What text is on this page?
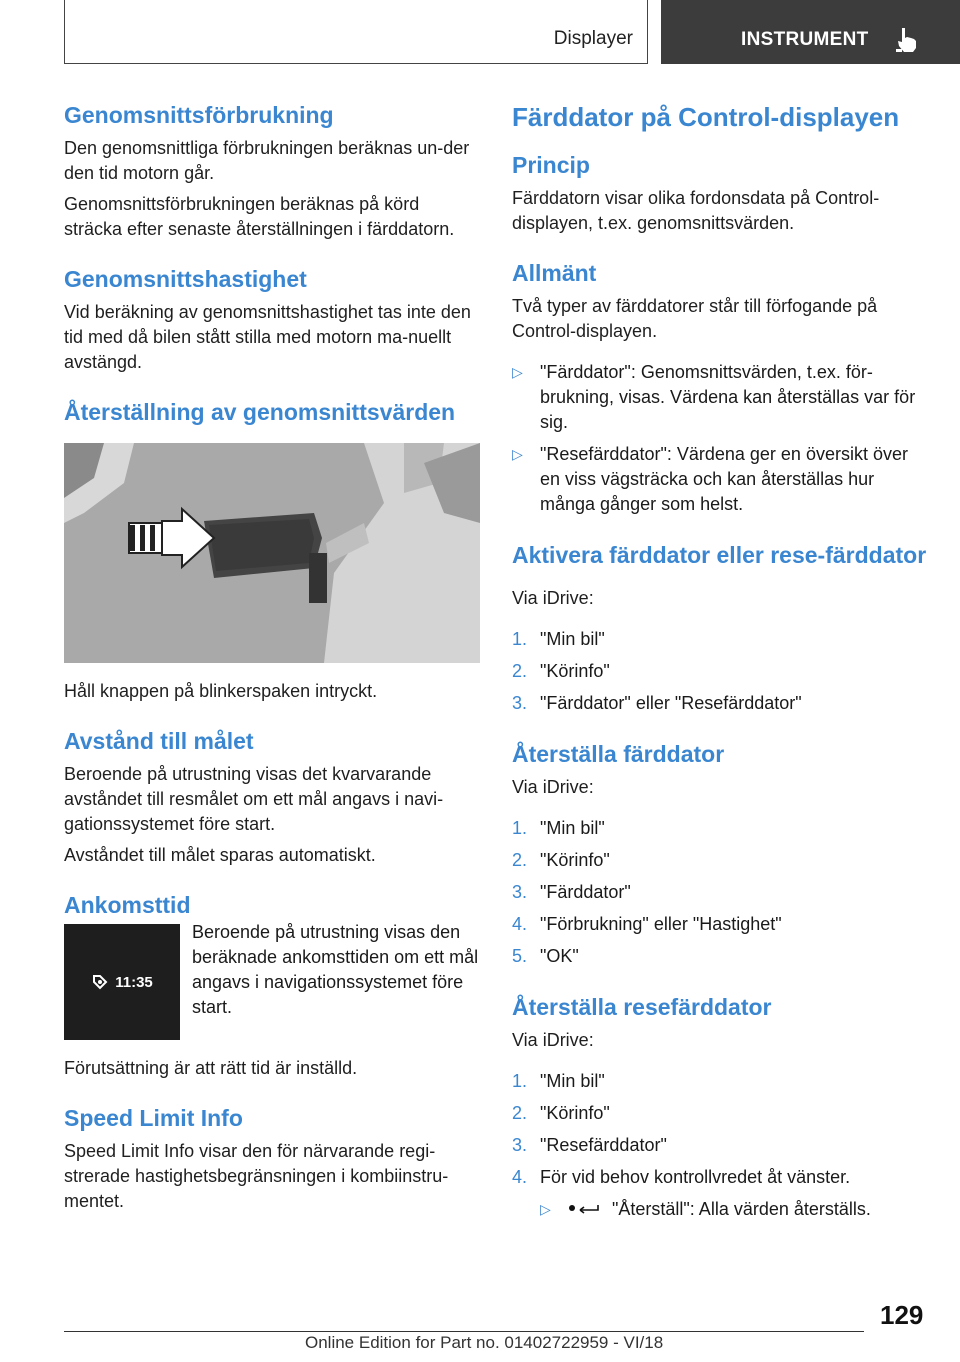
Displayer	INSTRUMENT
Genomsnittsförbrukning

Den genomsnittliga förbrukningen beräknas un-der den tid motorn går.

Genomsnittsförbrukningen beräknas på körd sträcka efter senaste återställningen i färddatorn.

Genomsnittshastighet

Vid beräkning av genomsnittshastighet tas inte den tid med då bilen stått stilla med motorn ma-nuellt avstängd.

Återställning av genomsnittsvärden

Håll knappen på blinkerspaken intryckt.

Avstånd till målet

Beroende på utrustning visas det kvarvarande avståndet till resmålet om ett mål angavs i navi-gationssystemet före start.

Avståndet till målet sparas automatiskt.

Ankomsttid
11:35
Beroende på utrustning visas den beräknade ankomsttiden om ett mål angavs i navigationssystemet före start.

Förutsättning är att rätt tid är inställd.

Speed Limit Info

Speed Limit Info visar den för närvarande regi-strerade hastighetsbegränsningen i kombiinstru-mentet.

Färddator på Control-displayen
Princip

Färddatorn visar olika fordonsdata på Control-displayen, t.ex. genomsnittsvärden.

Allmänt

Två typer av färddatorer står till förfogande på Control-displayen.

▷ "Färddator": Genomsnittsvärden, t.ex. för-brukning, visas. Värdena kan återställas var för sig.
▷ "Resefärddator": Värdena ger en översikt över en viss vägsträcka och kan återställas hur många gånger som helst.
Aktivera färddator eller rese-färddator

Via iDrive:

1. "Min bil"
2. "Körinfo"
3. "Färddator" eller "Resefärddator"
Återställa färddator

Via iDrive:

1. "Min bil"
2. "Körinfo"
3. "Färddator"
4. "Förbrukning" eller "Hastighet"
5. "OK"
Återställa resefärddator

Via iDrive:

1. "Min bil"
2. "Körinfo"
3. "Resefärddator"
4. För vid behov kontrollvredet åt vänster.
▷	"Återställ": Alla värden återställs.
129
Online Edition for Part no. 01402722959 - VI/18
